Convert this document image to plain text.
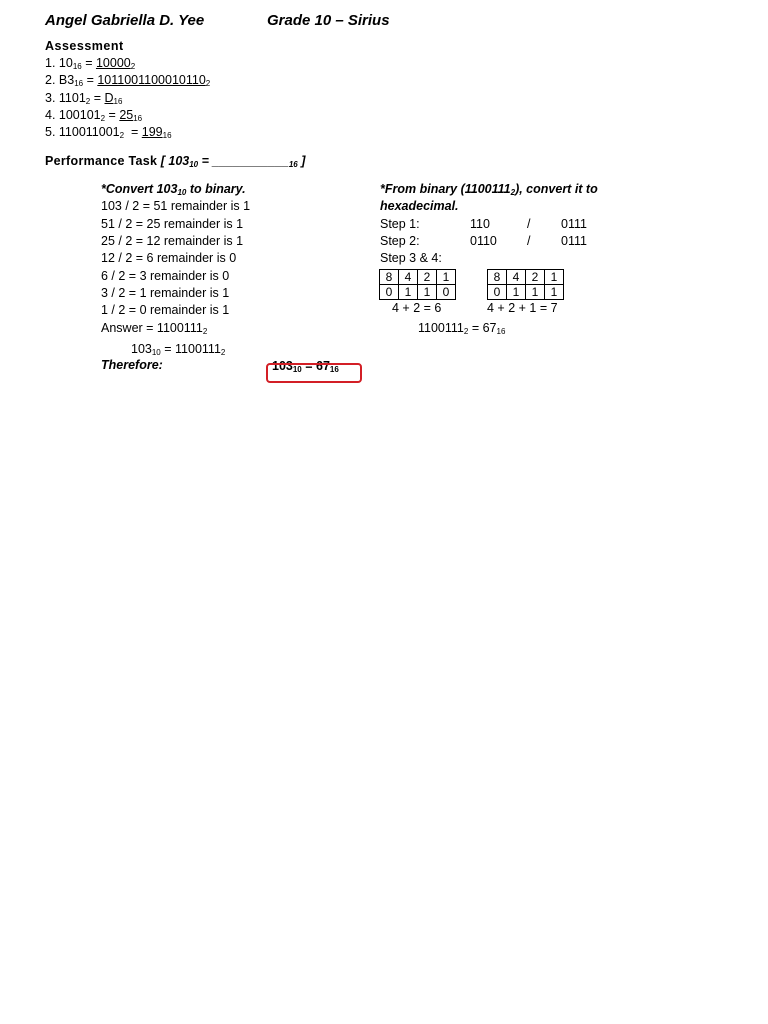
Angel Gabriella D. Yee	Grade 10 – Sirius
Assessment
1. $10_{16} = 10000_2$
2. $B3_{16} = 1011001100010110_2$
3. $1101_2 = D_{16}$
4. $100101_2 = 25_{16}$
5. $110011001_2 = 199_{16}$
Performance Task [ $103_{10}$ = $\_\_\_\_\_\_\_\_\_\_\__{16}$ ]
*Convert $103_{10}$ to binary.
103 / 2 = 51 remainder is 1
51 / 2 = 25 remainder is 1
25 / 2 = 12 remainder is 1
12 / 2 = 6 remainder is 0
6 / 2 = 3 remainder is 0
3 / 2 = 1 remainder is 1
1 / 2 = 0 remainder is 1
Answer = $1100111_2$
$103_{10} = 1100111_2$
Therefore:	$103_{10} = 67_{16}$
*From binary $(1100111_2)$, convert it to
hexadecimal.
Step 1:	110	/ 0111
Step 2:	0110 / 0111
Step 3 & 4:
8	4	2	1
0	1	1	0
8	4	2	1
0	1	1	1
4 + 2 = 6	4 + 2 + 1 = 7
$1100111_2 = 67_{16}$
